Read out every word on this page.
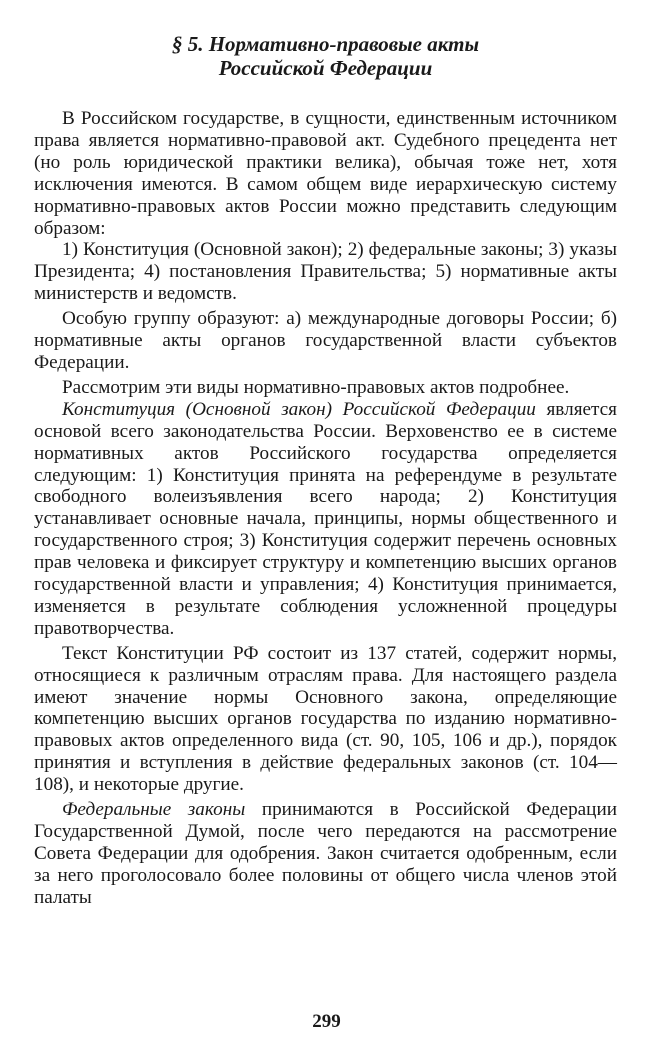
§ 5. Нормативно-правовые акты
Российской Федерации

В Российском государстве, в сущности, единственным источником права является нормативно-правовой акт. Судебного прецедента нет (но роль юридической практики велика), обычая тоже нет, хотя исключения имеются. В самом общем виде иерархическую систему нормативно-правовых актов России можно представить следующим образом:

1) Конституция (Основной закон); 2) федеральные законы; 3) указы Президента; 4) постановления Правительства; 5) нормативные акты министерств и ведомств.

Особую группу образуют: а) международные договоры России; б) нормативные акты органов государственной власти субъектов Федерации.

Рассмотрим эти виды нормативно-правовых актов подробнее.

Конституция (Основной закон) Российской Федерации является основой всего законодательства России. Верховенство ее в системе нормативных актов Российского государства определяется следующим: 1) Конституция принята на референдуме в результате свободного волеизъявления всего народа; 2) Конституция устанавливает основные начала, принципы, нормы общественного и государственного строя; 3) Конституция содержит перечень основных прав человека и фиксирует структуру и компетенцию высших органов государственной власти и управления; 4) Конституция принимается, изменяется в результате соблюдения усложненной процедуры правотворчества.

Текст Конституции РФ состоит из 137 статей, содержит нормы, относящиеся к различным отраслям права. Для настоящего раздела имеют значение нормы Основного закона, определяющие компетенцию высших органов государства по изданию нормативно-правовых актов определенного вида (ст. 90, 105, 106 и др.), порядок принятия и вступления в действие федеральных законов (ст. 104—108), и некоторые другие.

Федеральные законы принимаются в Российской Федерации Государственной Думой, после чего передаются на рассмотрение Совета Федерации для одобрения. Закон считается одобренным, если за него проголосовало более половины от общего числа членов этой палаты

299
